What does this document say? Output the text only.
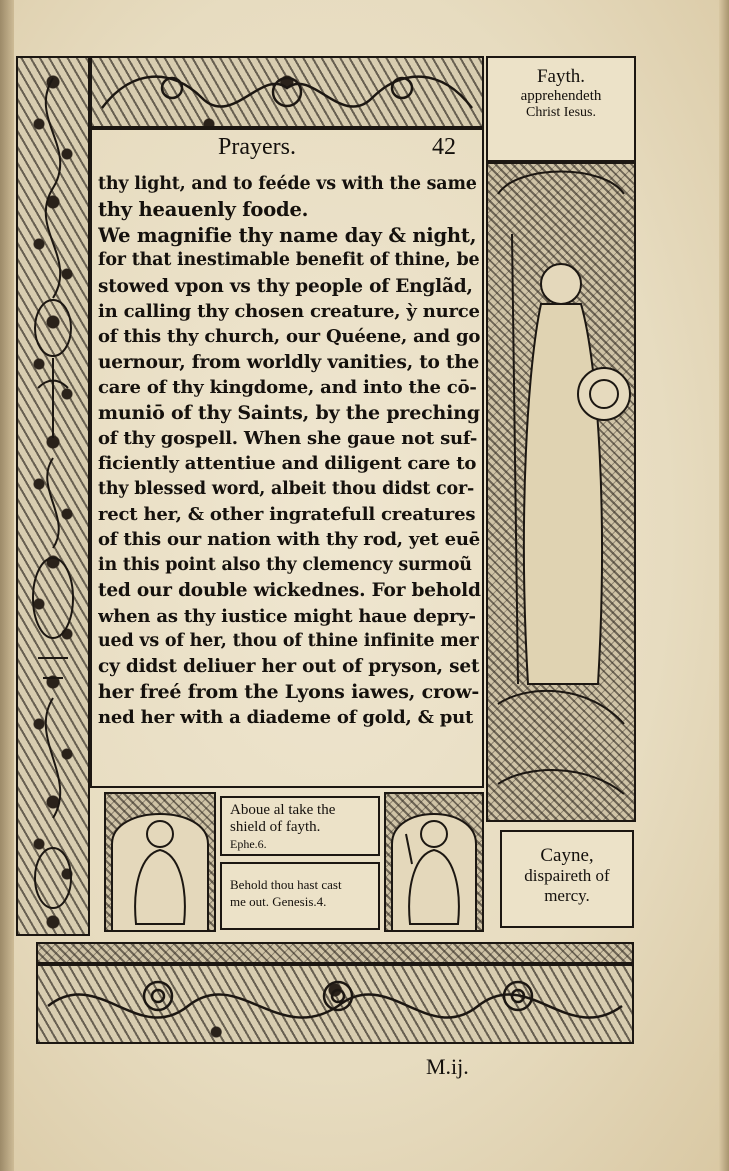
Prayers.	42
thy light, and to feéde vs with the same
thy heauenly foode.
We magnifie thy name day & night,
for that inestimable benefit of thine, be
stowed vpon vs thy people of Englãd,
in calling thy chosen creature, ỳ nurce
of this thy church, our Quéene, and go
uernour, from worldly vanities, to the
care of thy kingdome, and into the cō-
muniō of thy Saints, by the preching
of thy gospell. When she gaue not suf-
ficiently attentiue and diligent care to
thy blessed word, albeit thou didst cor-
rect her, & other ingratefull creatures
of this our nation with thy rod, yet euē
in this point also thy clemency surmoũ
ted our double wickednes. For behold
when as thy iustice might haue depry-
ued vs of her, thou of thine infinite mer
cy didst deliuer her out of pryson, set
her freé from the Lyons iawes, crow-
ned her with a diademe of gold, & put
Fayth.
apprehendeth
Christ Iesus.
Aboue al take the
shield of fayth.
Ephe.6.
Behold thou hast cast
me out. Genesis.4.
Cayne,
dispaireth of
mercy.
M.ij.
